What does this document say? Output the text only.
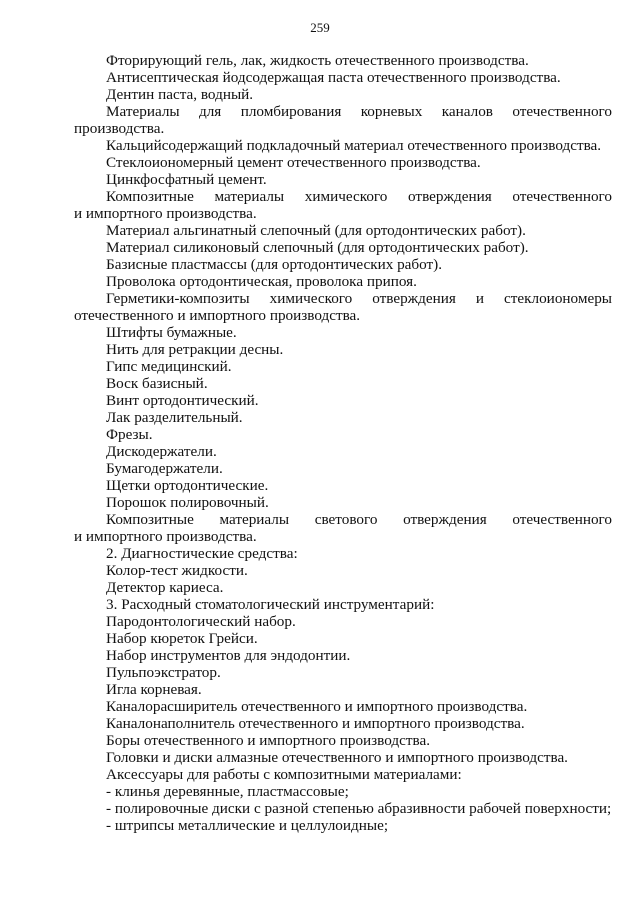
259
Фторирующий гель, лак, жидкость отечественного производства.
Антисептическая йодсодержащая паста отечественного производства.
Дентин паста, водный.
Материалы для пломбирования корневых каналов отечественного
производства.
Кальцийсодержащий подкладочный материал отечественного производства.
Стеклоиономерный цемент отечественного производства.
Цинкфосфатный цемент.
Композитные материалы химического отверждения отечественного
и импортного производства.
Материал альгинатный слепочный (для ортодонтических работ).
Материал силиконовый слепочный (для ортодонтических работ).
Базисные пластмассы (для ортодонтических работ).
Проволока ортодонтическая, проволока припоя.
Герметики-композиты химического отверждения и стеклоиономеры
отечественного и импортного производства.
Штифты бумажные.
Нить для ретракции десны.
Гипс медицинский.
Воск базисный.
Винт ортодонтический.
Лак разделительный.
Фрезы.
Дискодержатели.
Бумагодержатели.
Щетки ортодонтические.
Порошок полировочный.
Композитные материалы светового отверждения отечественного
и импортного производства.
2. Диагностические средства:
Колор-тест жидкости.
Детектор кариеса.
3. Расходный стоматологический инструментарий:
Пародонтологический набор.
Набор кюреток Грейси.
Набор инструментов для эндодонтии.
Пульпоэкстратор.
Игла корневая.
Каналорасширитель отечественного и импортного производства.
Каналонаполнитель отечественного и импортного производства.
Боры отечественного и импортного производства.
Головки и диски алмазные отечественного и импортного производства.
Аксессуары для работы с композитными материалами:
- клинья деревянные, пластмассовые;
- полировочные диски с разной степенью абразивности рабочей поверхности;
- штрипсы металлические и целлулоидные;
